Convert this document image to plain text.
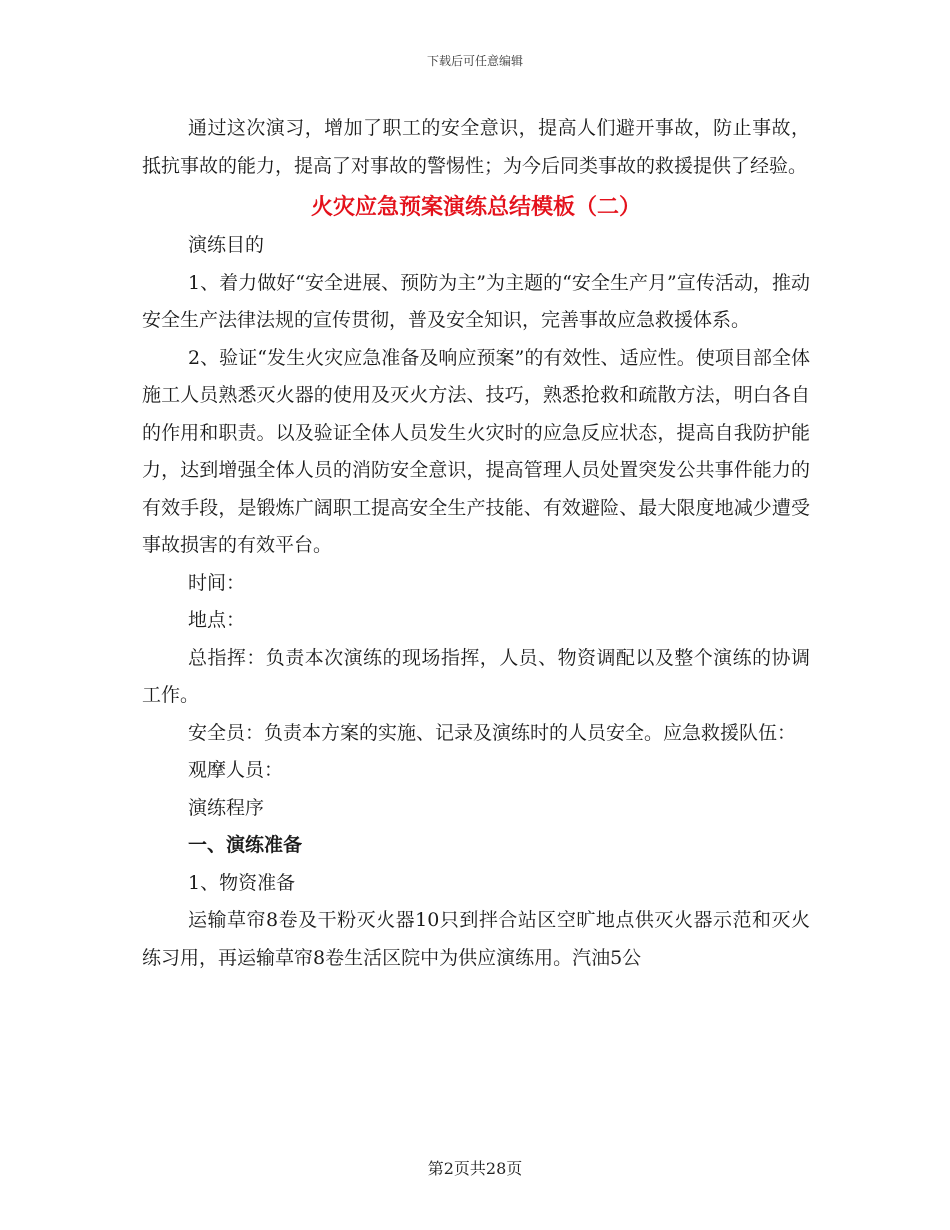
下载后可任意编辑

通过这次演习，增加了职工的安全意识，提高人们避开事故，防止事故，抵抗事故的能力，提高了对事故的警惕性；为今后同类事故的救援提供了经验。

火灾应急预案演练总结模板（二）

演练目的

1、着力做好“安全进展、预防为主”为主题的“安全生产月”宣传活动，推动安全生产法律法规的宣传贯彻，普及安全知识，完善事故应急救援体系。

2、验证“发生火灾应急准备及响应预案”的有效性、适应性。使项目部全体施工人员熟悉灭火器的使用及灭火方法、技巧，熟悉抢救和疏散方法，明白各自的作用和职责。以及验证全体人员发生火灾时的应急反应状态，提高自我防护能力，达到增强全体人员的消防安全意识，提高管理人员处置突发公共事件能力的有效手段，是锻炼广阔职工提高安全生产技能、有效避险、最大限度地减少遭受事故损害的有效平台。

时间：

地点：

总指挥：负责本次演练的现场指挥，人员、物资调配以及整个演练的协调工作。

安全员：负责本方案的实施、记录及演练时的人员安全。应急救援队伍：

观摩人员：

演练程序

一、演练准备

1、物资准备

运输草帘8卷及干粉灭火器10只到拌合站区空旷地点供灭火器示范和灭火练习用，再运输草帘8卷生活区院中为供应演练用。汽油5公

第2页共28页
